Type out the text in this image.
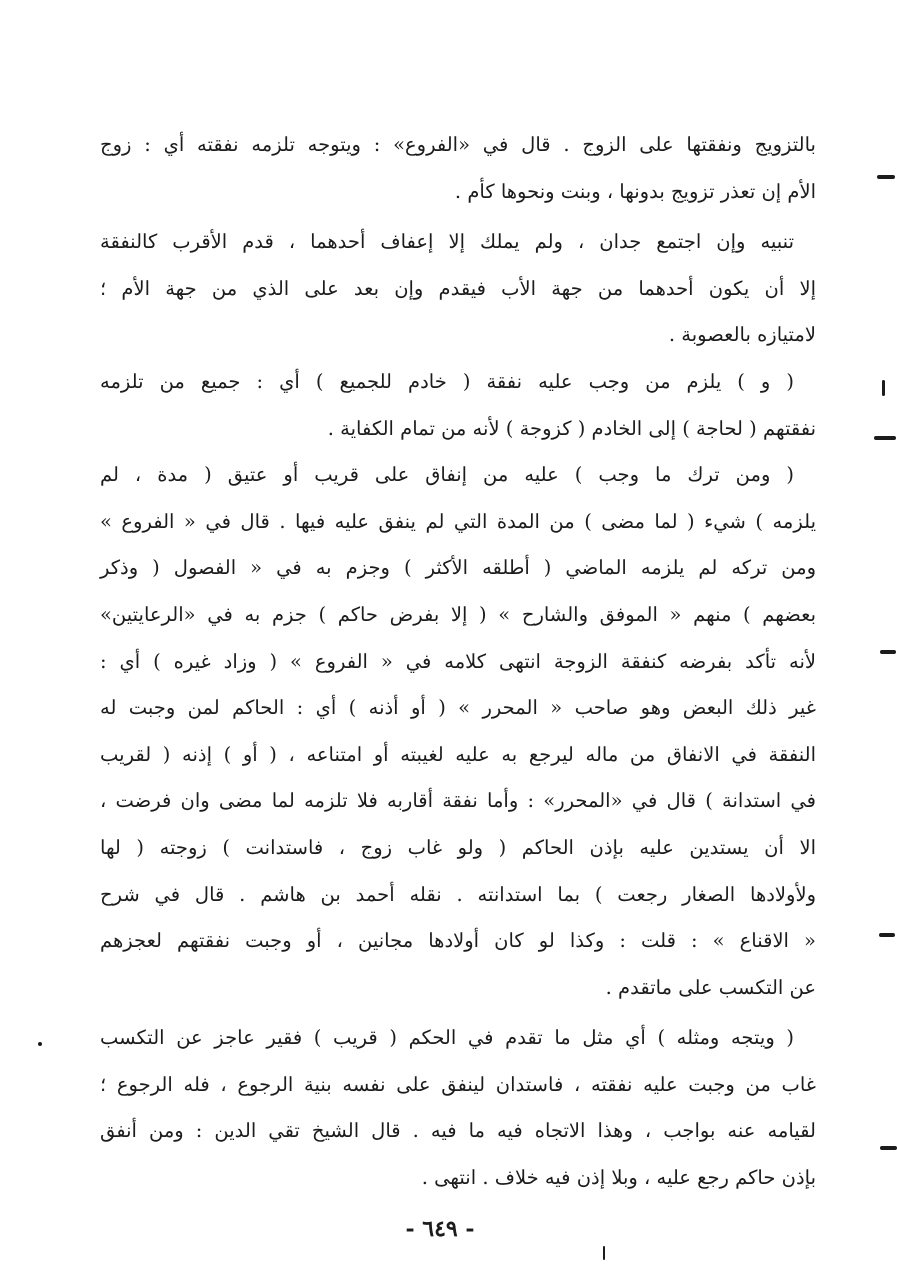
بالتزويج ونفقتها على الزوج . قال في «الفروع» : ويتوجه تلزمه نفقته أي : زوج
الأم إن تعذر تزويج بدونها ، وبنت ونحوها كأم .
تنبيه وإن اجتمع جدان ، ولم يملك إلا إعفاف أحدهما ، قدم الأقرب كالنفقة
إلا أن يكون أحدهما من جهة الأب فيقدم وإن بعد على الذي من جهة الأم ؛
لامتيازه بالعصوبة .
( و ) يلزم من وجب عليه نفقة ( خادم للجميع ) أي : جميع من تلزمه
نفقتهم ( لحاجة ) إلى الخادم ( كزوجة ) لأنه من تمام الكفاية .
( ومن ترك ما وجب ) عليه من إنفاق على قريب أو عتيق ( مدة ، لم
يلزمه ) شيء ( لما مضى ) من المدة التي لم ينفق عليه فيها . قال في « الفروع »
ومن تركه لم يلزمه الماضي ( أطلقه الأكثر ) وجزم به في « الفصول ( وذكر
بعضهم ) منهم « الموفق والشارح » ( إلا بفرض حاكم ) جزم به في «الرعايتين»
لأنه تأكد بفرضه كنفقة الزوجة انتهى كلامه في « الفروع » ( وزاد غيره ) أي :
غير ذلك البعض وهو صاحب « المحرر » ( أو أذنه ) أي : الحاكم لمن وجبت له
النفقة في الانفاق من ماله ليرجع به عليه لغيبته أو امتناعه ، ( أو ) إذنه ( لقريب
في استدانة ) قال في «المحرر» : وأما نفقة أقاربه فلا تلزمه لما مضى وان فرضت ،
الا أن يستدين عليه بإذن الحاكم ( ولو غاب زوج ، فاستدانت ) زوجته ( لها
ولأولادها الصغار رجعت ) بما استدانته . نقله أحمد بن هاشم . قال في شرح
« الاقناع » : قلت : وكذا لو كان أولادها مجانين ، أو وجبت نفقتهم لعجزهم
عن التكسب على ماتقدم .
( ويتجه ومثله ) أي مثل ما تقدم في الحكم ( قريب ) فقير عاجز عن التكسب
غاب من وجبت عليه نفقته ، فاستدان لينفق على نفسه بنية الرجوع ، فله الرجوع ؛
لقيامه عنه بواجب ، وهذا الاتجاه فيه ما فيه . قال الشيخ تقي الدين : ومن أنفق
بإذن حاكم رجع عليه ، وبلا إذن فيه خلاف . انتهى .
- ٦٤٩ -
